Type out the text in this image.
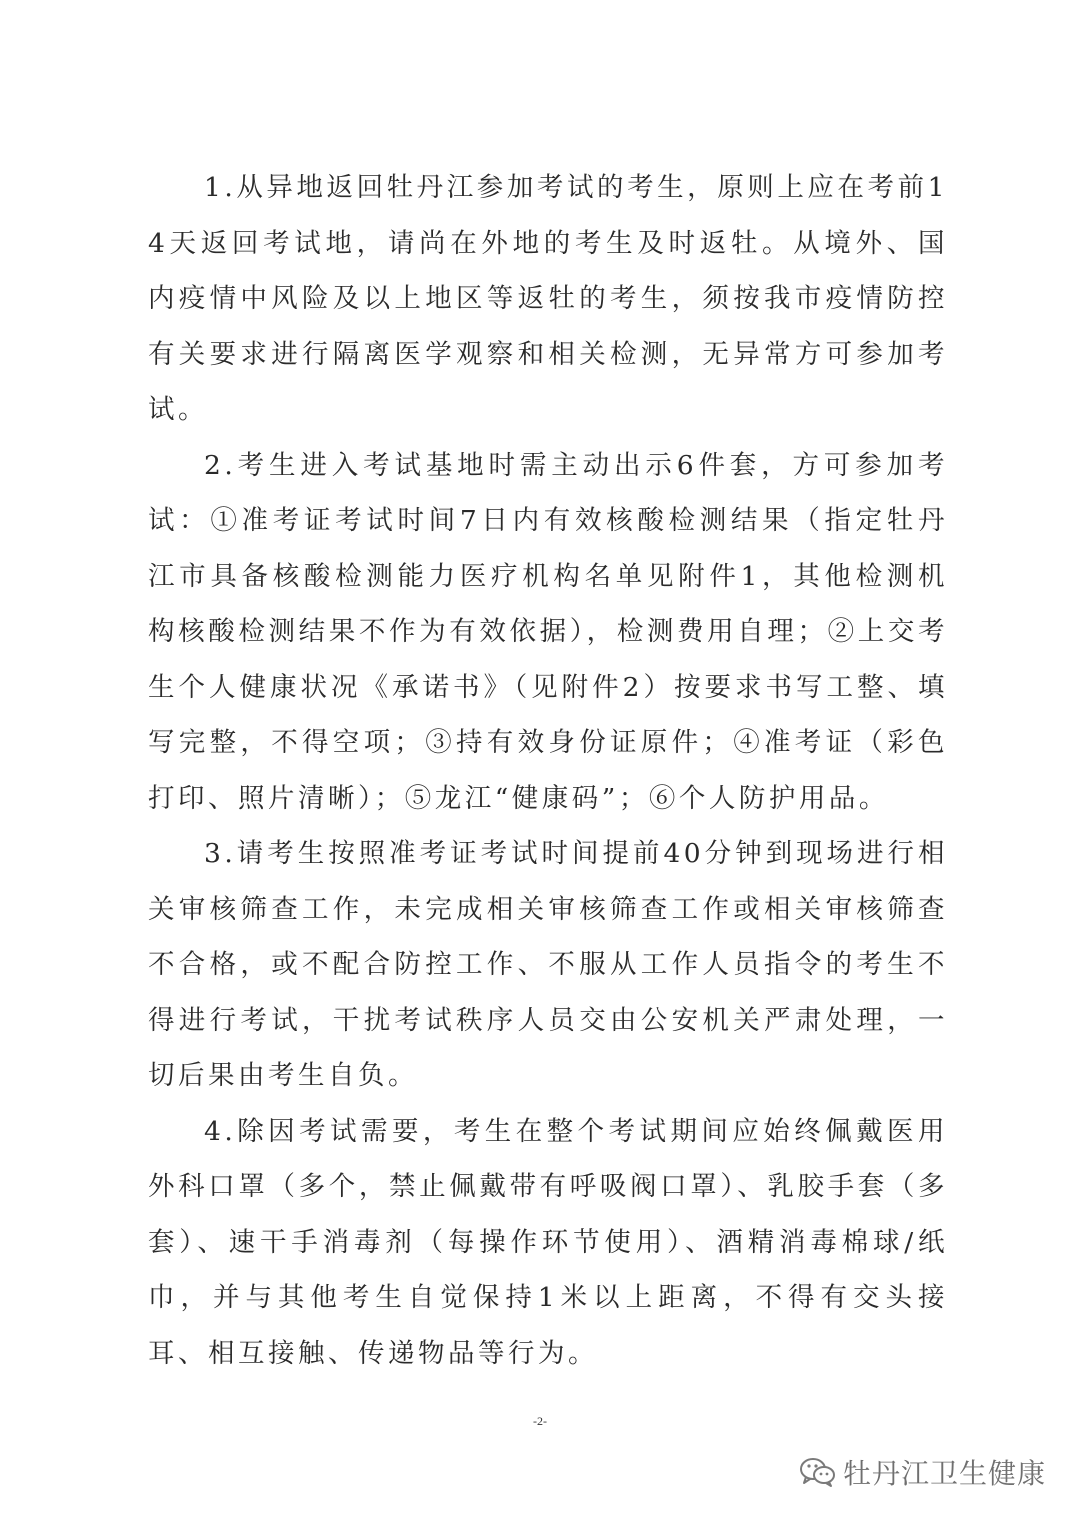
1.从异地返回牡丹江参加考试的考生，原则上应在考前14天返回考试地，请尚在外地的考生及时返牡。从境外、国内疫情中风险及以上地区等返牡的考生，须按我市疫情防控有关要求进行隔离医学观察和相关检测，无异常方可参加考试。

2.考生进入考试基地时需主动出示6件套，方可参加考试：①准考证考试时间7日内有效核酸检测结果（指定牡丹江市具备核酸检测能力医疗机构名单见附件1，其他检测机构核酸检测结果不作为有效依据），检测费用自理；②上交考生个人健康状况《承诺书》（见附件2）按要求书写工整、填写完整，不得空项；③持有效身份证原件；④准考证（彩色打印、照片清晰）；⑤龙江“健康码”；⑥个人防护用品。

3.请考生按照准考证考试时间提前40分钟到现场进行相关审核筛查工作，未完成相关审核筛查工作或相关审核筛查不合格，或不配合防控工作、不服从工作人员指令的考生不得进行考试，干扰考试秩序人员交由公安机关严肃处理，一切后果由考生自负。

4.除因考试需要，考生在整个考试期间应始终佩戴医用外科口罩（多个，禁止佩戴带有呼吸阀口罩）、乳胶手套（多套）、速干手消毒剂（每操作环节使用）、酒精消毒棉球/纸巾，并与其他考生自觉保持1米以上距离，不得有交头接耳、相互接触、传递物品等行为。

-2-
牡丹江卫生健康
